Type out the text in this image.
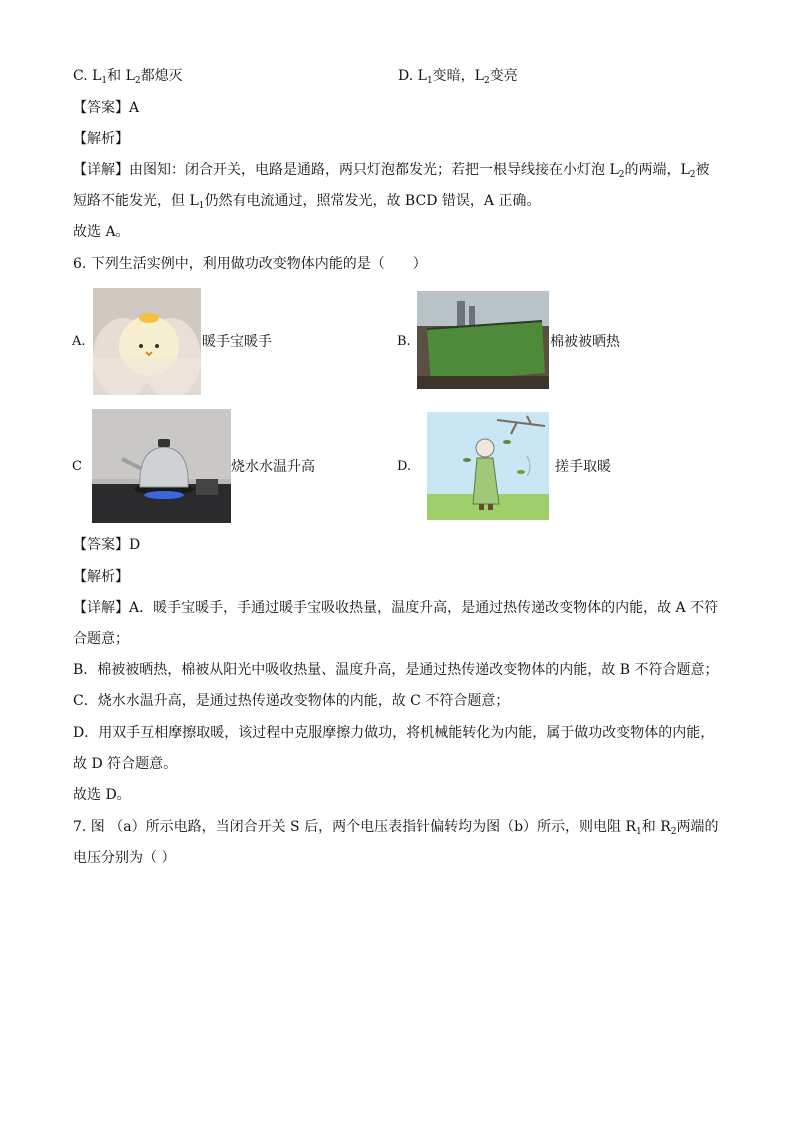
C. $L_1$和 $L_2$都熄灭	D. $L_1$变暗，$L_2$变亮
【答案】A
【解析】
【详解】由图知：闭合开关，电路是通路，两只灯泡都发光；若把一根导线接在小灯泡 $L_2$的两端，$L_2$被
短路不能发光，但 $L_1$仍然有电流通过，照常发光，故 BCD 错误，A 正确。
故选 A。
6. 下列生活实例中，利用做功改变物体内能的是（　　）
A.	暖手宝暖手	B.	棉被被晒热
C	烧水水温升高	D.	搓手取暖
【答案】D
【解析】
【详解】A．暖手宝暖手，手通过暖手宝吸收热量，温度升高，是通过热传递改变物体的内能，故 A 不符
合题意；
B．棉被被晒热，棉被从阳光中吸收热量、温度升高，是通过热传递改变物体的内能，故 B 不符合题意；
C．烧水水温升高，是通过热传递改变物体的内能，故 C 不符合题意；
D．用双手互相摩擦取暖，该过程中克服摩擦力做功，将机械能转化为内能，属于做功改变物体的内能，
故 D 符合题意。
故选 D。
7. 图 （a）所示电路，当闭合开关 S 后，两个电压表指针偏转均为图（b）所示，则电阻 $R_1$和 $R_2$两端的
电压分别为（ ）
